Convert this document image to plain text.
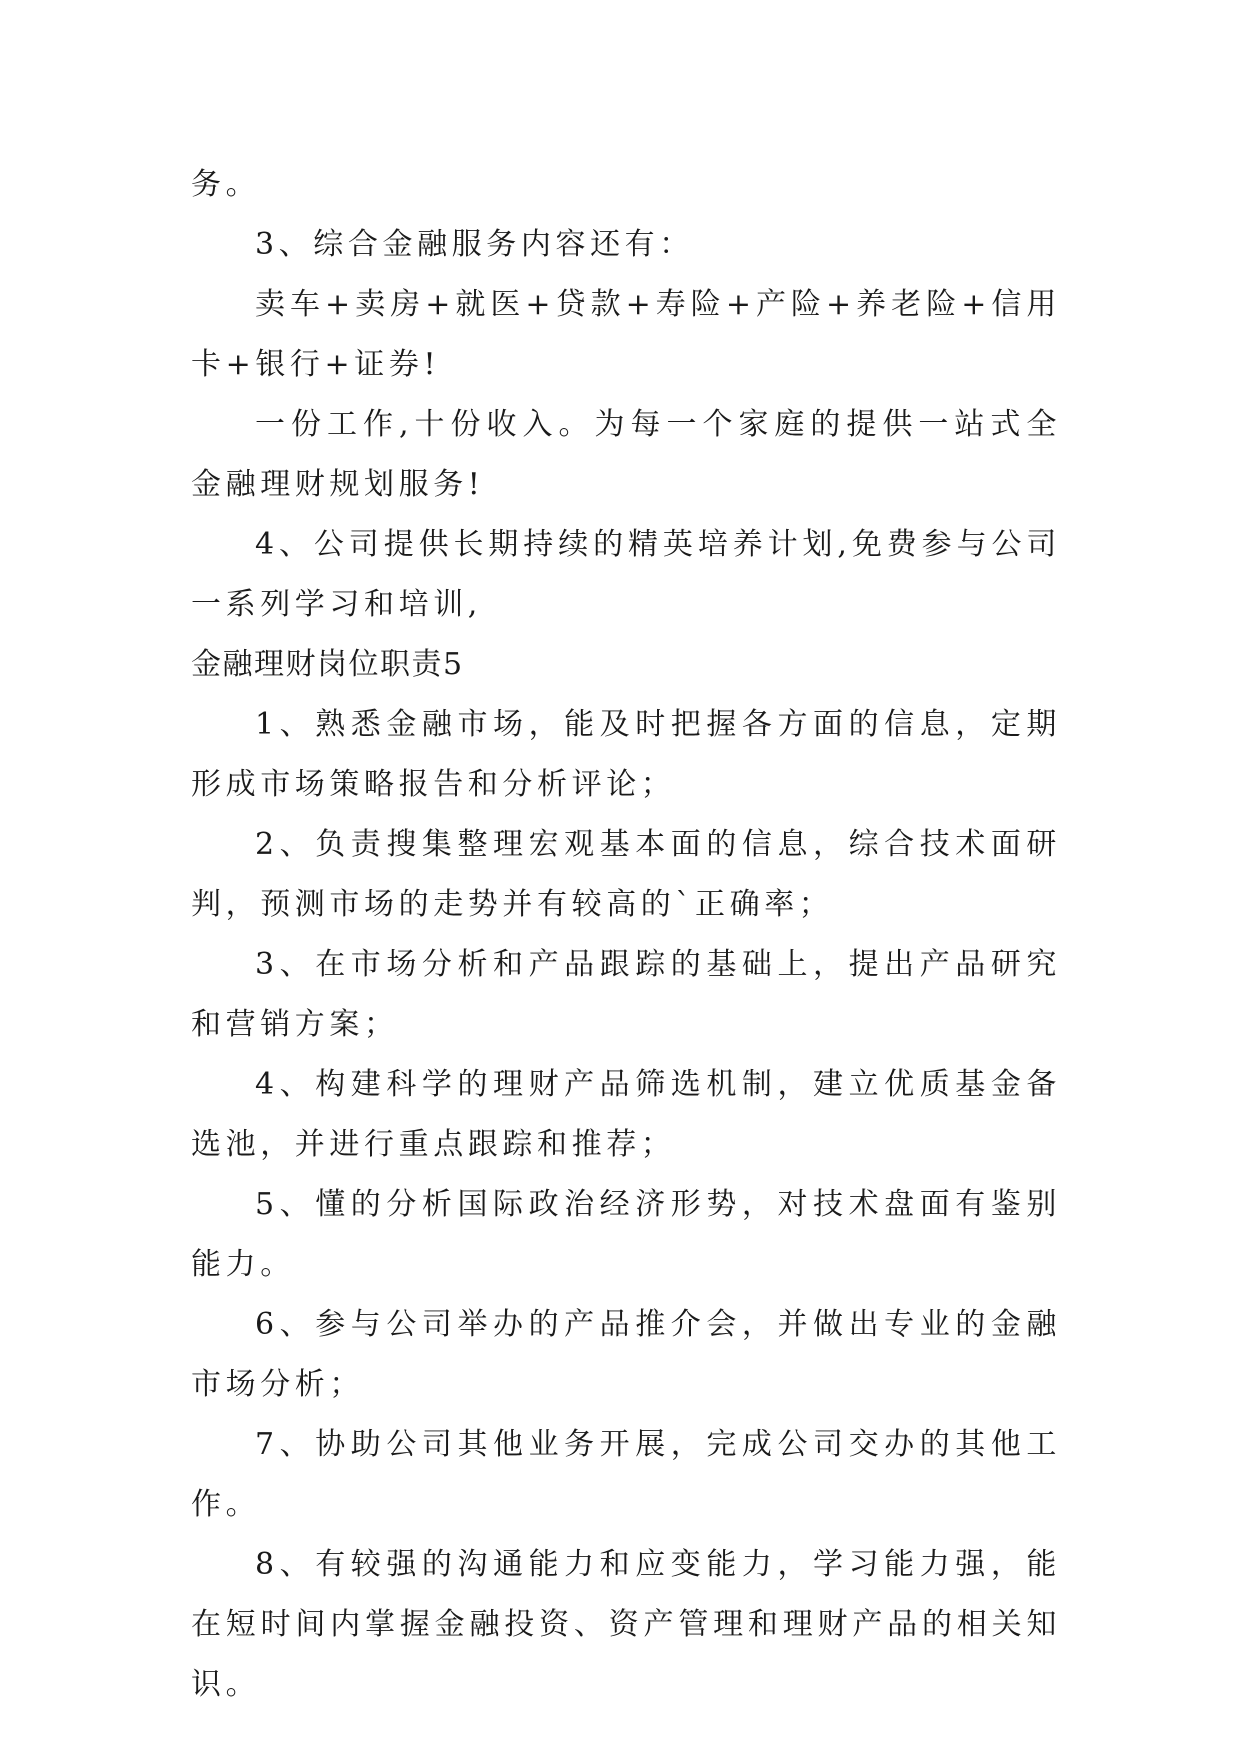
务。

3、综合金融服务内容还有：

卖车+卖房+就医+贷款+寿险+产险+养老险+信用卡+银行+证券!

一份工作,十份收入。为每一个家庭的提供一站式全金融理财规划服务!

4、公司提供长期持续的精英培养计划,免费参与公司一系列学习和培训,

金融理财岗位职责5

1、熟悉金融市场，能及时把握各方面的信息，定期形成市场策略报告和分析评论；

2、负责搜集整理宏观基本面的信息，综合技术面研判，预测市场的走势并有较高的`正确率；

3、在市场分析和产品跟踪的基础上，提出产品研究和营销方案；

4、构建科学的理财产品筛选机制，建立优质基金备选池，并进行重点跟踪和推荐；

5、懂的分析国际政治经济形势，对技术盘面有鉴别能力。

6、参与公司举办的产品推介会，并做出专业的金融市场分析；

7、协助公司其他业务开展，完成公司交办的其他工作。

8、有较强的沟通能力和应变能力，学习能力强，能在短时间内掌握金融投资、资产管理和理财产品的相关知识。
